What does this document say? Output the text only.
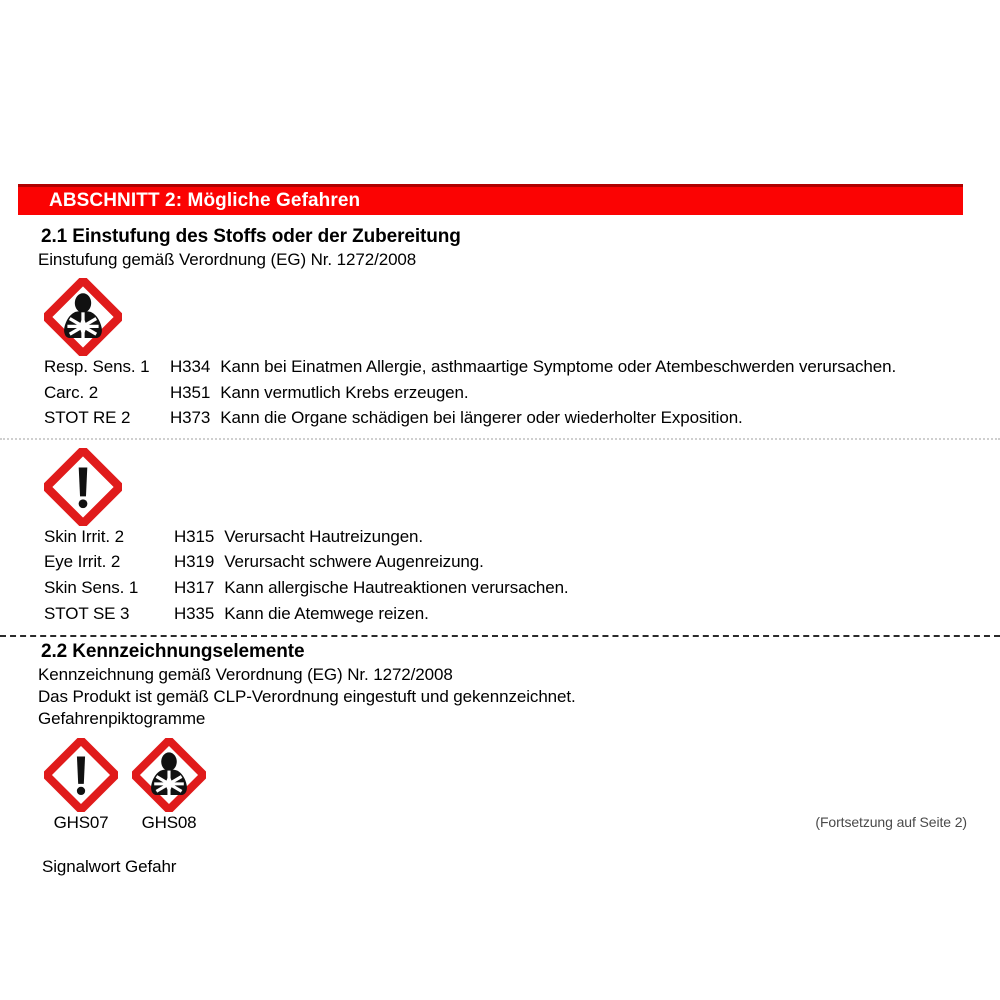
ABSCHNITT 2: Mögliche Gefahren
2.1 Einstufung des Stoffs oder der Zubereitung

Einstufung gemäß Verordnung (EG) Nr. 1272/2008

Resp. Sens. 1	H334	Kann bei Einatmen Allergie, asthmaartige Symptome oder Atembeschwerden verursachen.
Carc. 2	H351	Kann vermutlich Krebs erzeugen.
STOT RE 2	H373	Kann die Organe schädigen bei längerer oder wiederholter Exposition.
Skin Irrit. 2	H315	Verursacht Hautreizungen.
Eye Irrit. 2	H319	Verursacht schwere Augenreizung.
Skin Sens. 1	H317	Kann allergische Hautreaktionen verursachen.
STOT SE 3	H335	Kann die Atemwege reizen.
2.2 Kennzeichnungselemente

Kennzeichnung gemäß Verordnung (EG) Nr. 1272/2008

Das Produkt ist gemäß CLP-Verordnung eingestuft und gekennzeichnet.

Gefahrenpiktogramme

GHS07 GHS08

Signalwort Gefahr

(Fortsetzung auf Seite 2)
